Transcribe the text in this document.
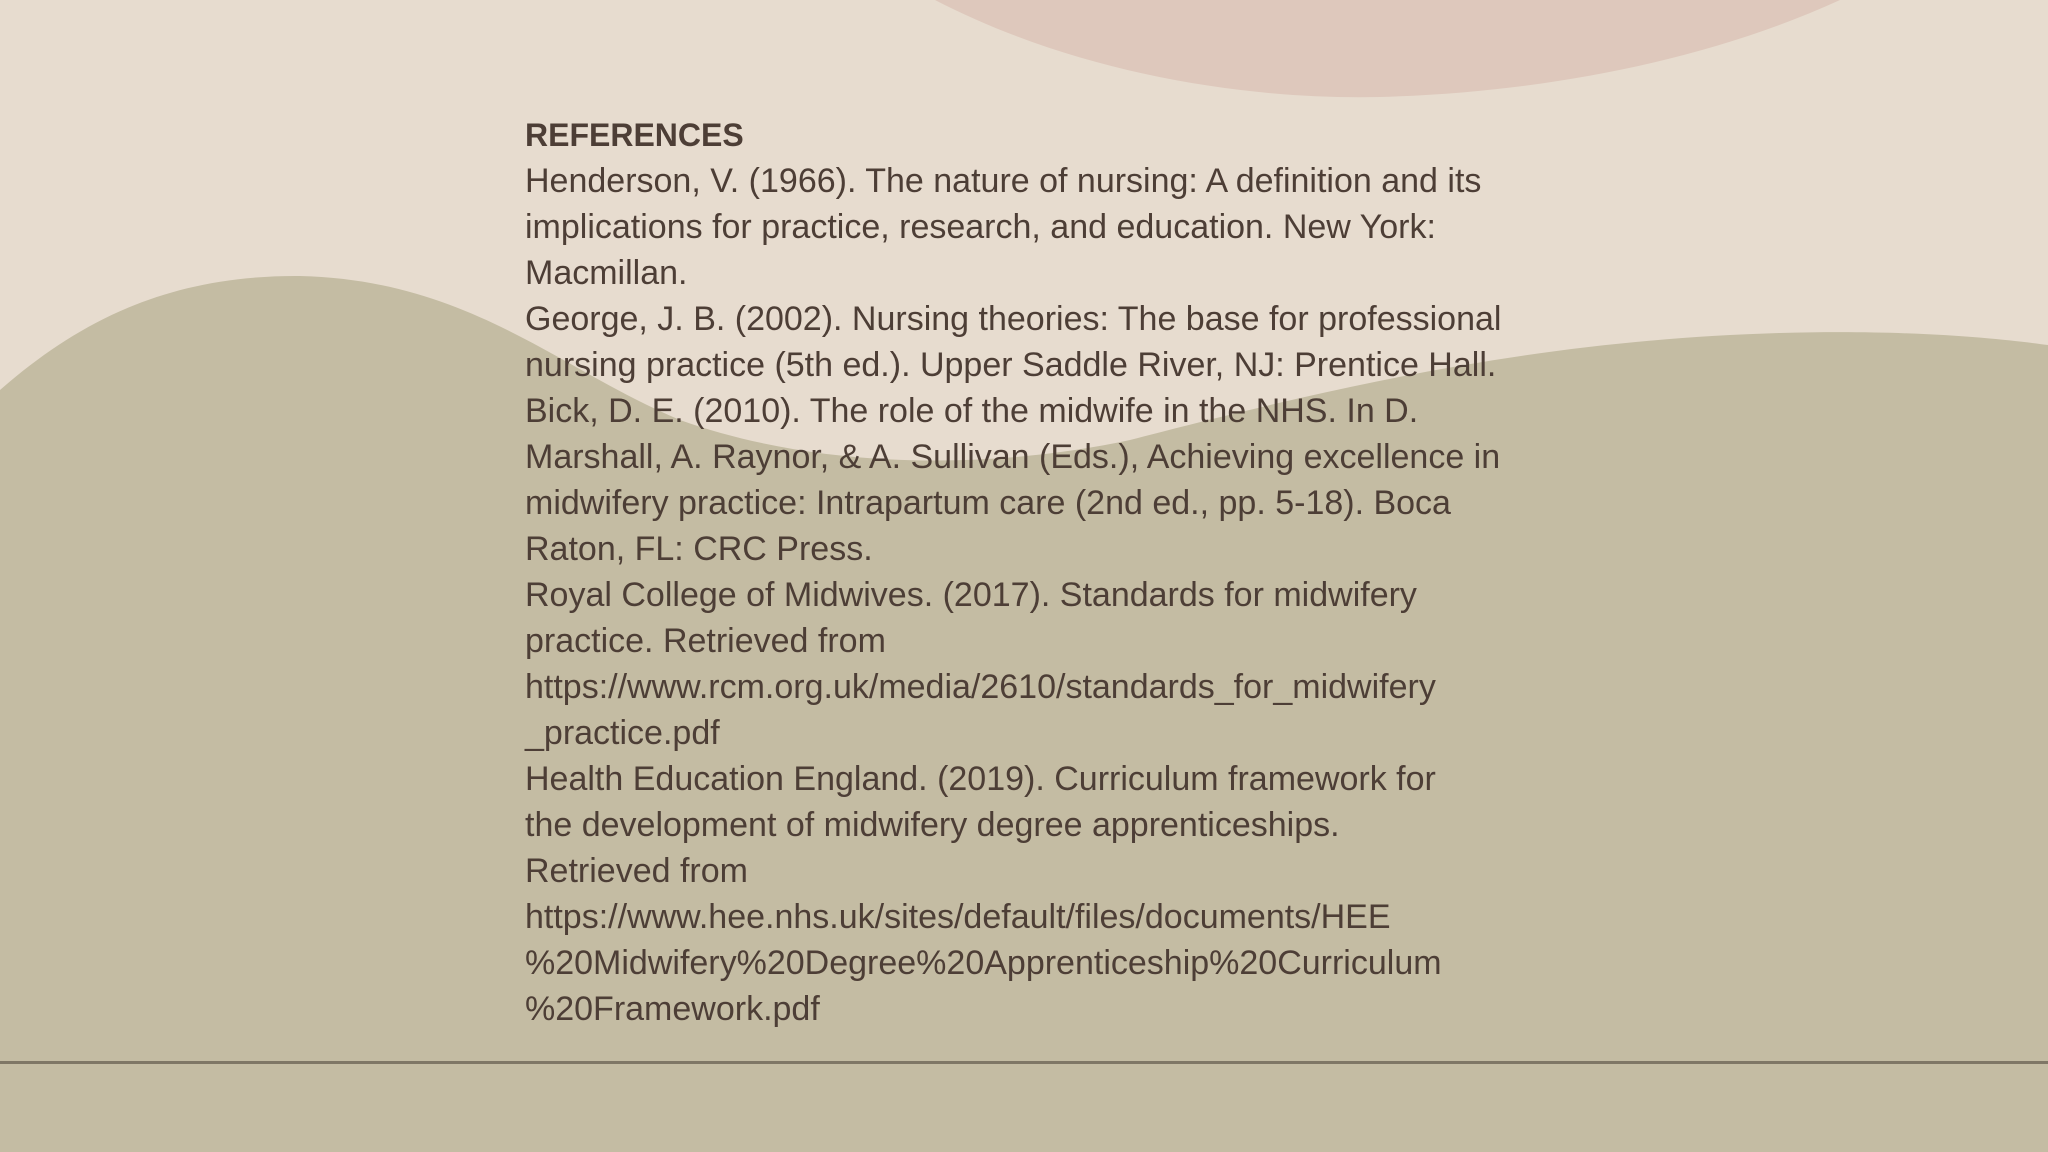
REFERENCES
Henderson, V. (1966). The nature of nursing: A definition and its
implications for practice, research, and education. New York:
Macmillan.
George, J. B. (2002). Nursing theories: The base for professional
nursing practice (5th ed.). Upper Saddle River, NJ: Prentice Hall.
Bick, D. E. (2010). The role of the midwife in the NHS. In D.
Marshall, A. Raynor, & A. Sullivan (Eds.), Achieving excellence in
midwifery practice: Intrapartum care (2nd ed., pp. 5-18). Boca
Raton, FL: CRC Press.
Royal College of Midwives. (2017). Standards for midwifery
practice. Retrieved from
https://www.rcm.org.uk/media/2610/standards_for_midwifery
_practice.pdf
Health Education England. (2019). Curriculum framework for
the development of midwifery degree apprenticeships.
Retrieved from
https://www.hee.nhs.uk/sites/default/files/documents/HEE
%20Midwifery%20Degree%20Apprenticeship%20Curriculum
%20Framework.pdf
